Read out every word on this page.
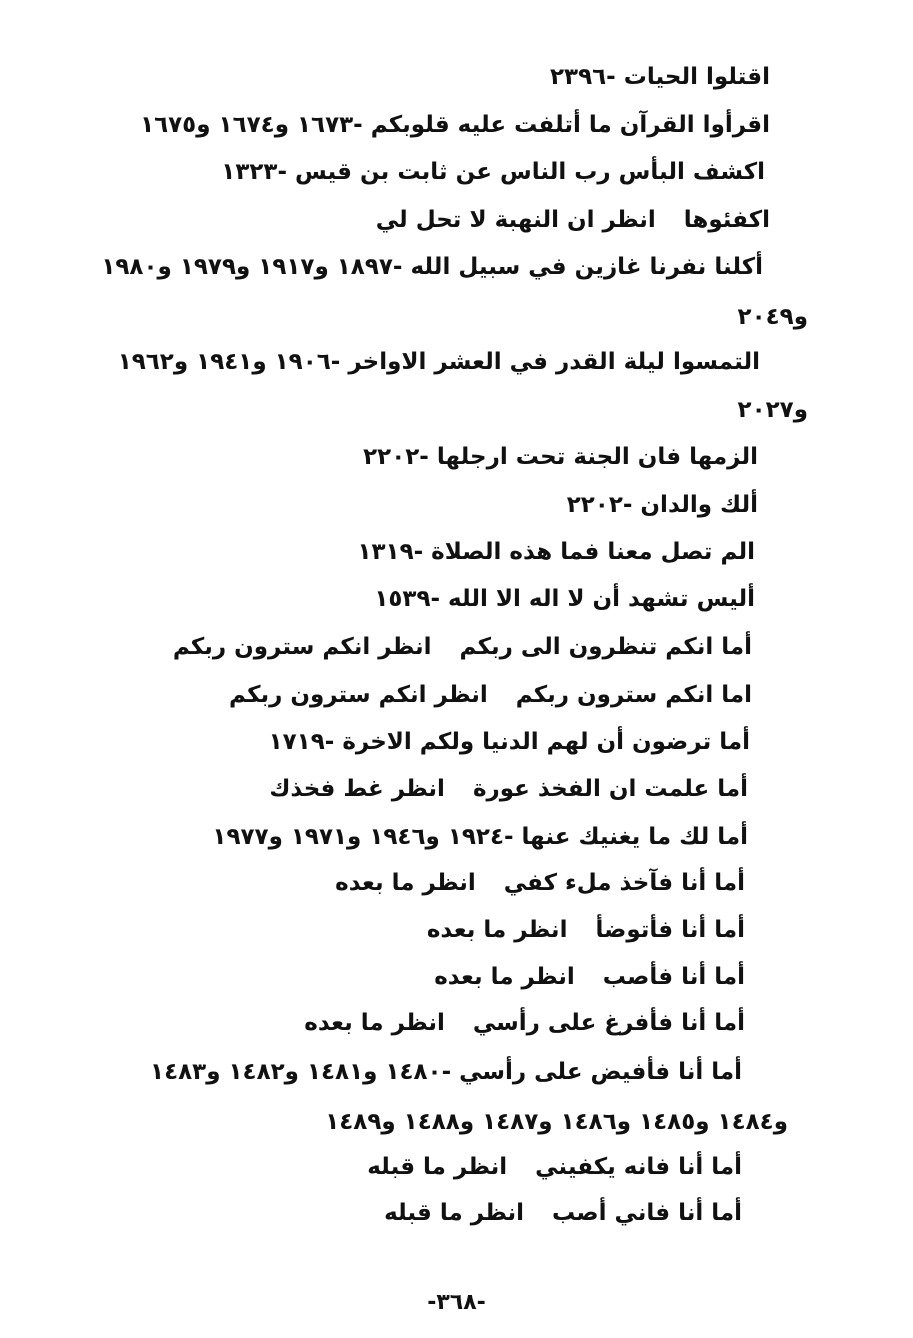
اقتلوا الحيات -٢٣٩٦
اقرأوا القرآن ما أتلفت عليه قلوبكم -١٦٧٣ و١٦٧٤ و١٦٧٥
اكشف البأس رب الناس عن ثابت بن قيس -١٣٢٣
اكفئوهاانظر ان النهبة لا تحل لي
أكلنا نفرنا غازين في سبيل الله -١٨٩٧ و١٩١٧ و١٩٧٩ و١٩٨٠
و٢٠٤٩
التمسوا ليلة القدر في العشر الاواخر -١٩٠٦ و١٩٤١ و١٩٦٢
و٢٠٢٧
الزمها فان الجنة تحت ارجلها -٢٢٠٢
ألك والدان -٢٢٠٢
الم تصل معنا فما هذه الصلاة -١٣١٩
أليس تشهد أن لا اله الا الله -١٥٣٩
أما انكم تنظرون الى ربكمانظر انكم سترون ربكم
اما انكم سترون ربكمانظر انكم سترون ربكم
أما ترضون أن لهم الدنيا ولكم الاخرة -١٧١٩
أما علمت ان الفخذ عورةانظر غط فخذك
أما لك ما يغنيك عنها -١٩٢٤ و١٩٤٦ و١٩٧١ و١٩٧٧
أما أنا فآخذ ملء كفيانظر ما بعده
أما أنا فأتوضأانظر ما بعده
أما أنا فأصبانظر ما بعده
أما أنا فأفرغ على رأسيانظر ما بعده
أما أنا فأفيض على رأسي -١٤٨٠ و١٤٨١ و١٤٨٢ و١٤٨٣
و١٤٨٤ و١٤٨٥ و١٤٨٦ و١٤٨٧ و١٤٨٨ و١٤٨٩
أما أنا فانه يكفينيانظر ما قبله
أما أنا فاني أصبانظر ما قبله
-٣٦٨-
